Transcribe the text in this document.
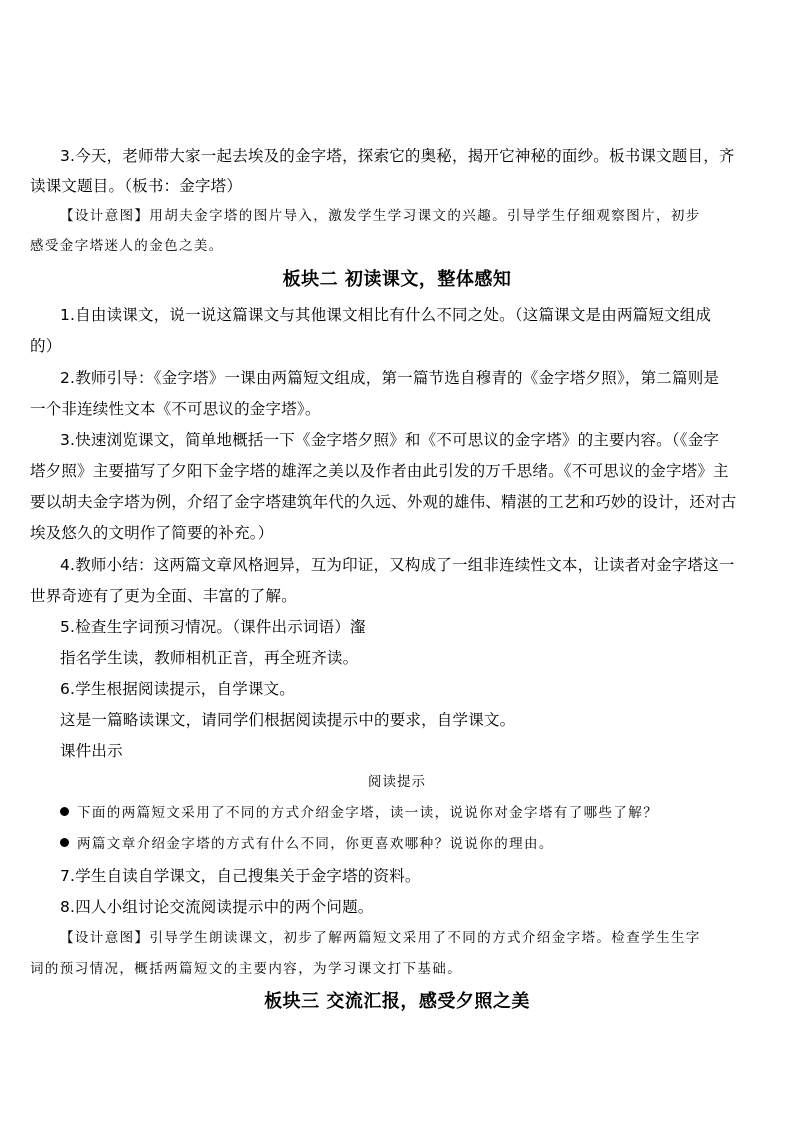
3.今天，老师带大家一起去埃及的金字塔，探索它的奥秘，揭开它神秘的面纱。板书课文题目，齐
读课文题目。（板书：金字塔）
【设计意图】用胡夫金字塔的图片导入，激发学生学习课文的兴趣。引导学生仔细观察图片，初步
感受金字塔迷人的金色之美。
板块二 初读课文，整体感知
1.自由读课文，说一说这篇课文与其他课文相比有什么不同之处。（这篇课文是由两篇短文组成
的）
2.教师引导：《金字塔》一课由两篇短文组成，第一篇节选自穆青的《金字塔夕照》，第二篇则是
一个非连续性文本《不可思议的金字塔》。
3.快速浏览课文，简单地概括一下《金字塔夕照》和《不可思议的金字塔》的主要内容。（《金字
塔夕照》主要描写了夕阳下金字塔的雄浑之美以及作者由此引发的万千思绪。《不可思议的金字塔》主
要以胡夫金字塔为例，介绍了金字塔建筑年代的久远、外观的雄伟、精湛的工艺和巧妙的设计，还对古
埃及悠久的文明作了简要的补充。）
4.教师小结：这两篇文章风格迥异，互为印证，又构成了一组非连续性文本，让读者对金字塔这一
世界奇迹有了更为全面、丰富的了解。
5.检查生字词预习情况。（课件出示词语）瀣
指名学生读，教师相机正音，再全班齐读。
6.学生根据阅读提示，自学课文。
这是一篇略读课文，请同学们根据阅读提示中的要求，自学课文。
课件出示
阅读提示
下面的两篇短文采用了不同的方式介绍金字塔，读一读，说说你对金字塔有了哪些了解？
两篇文章介绍金字塔的方式有什么不同，你更喜欢哪种？说说你的理由。
7.学生自读自学课文，自己搜集关于金字塔的资料。
8.四人小组讨论交流阅读提示中的两个问题。
【设计意图】引导学生朗读课文，初步了解两篇短文采用了不同的方式介绍金字塔。检查学生生字
词的预习情况，概括两篇短文的主要内容，为学习课文打下基础。
板块三 交流汇报，感受夕照之美
